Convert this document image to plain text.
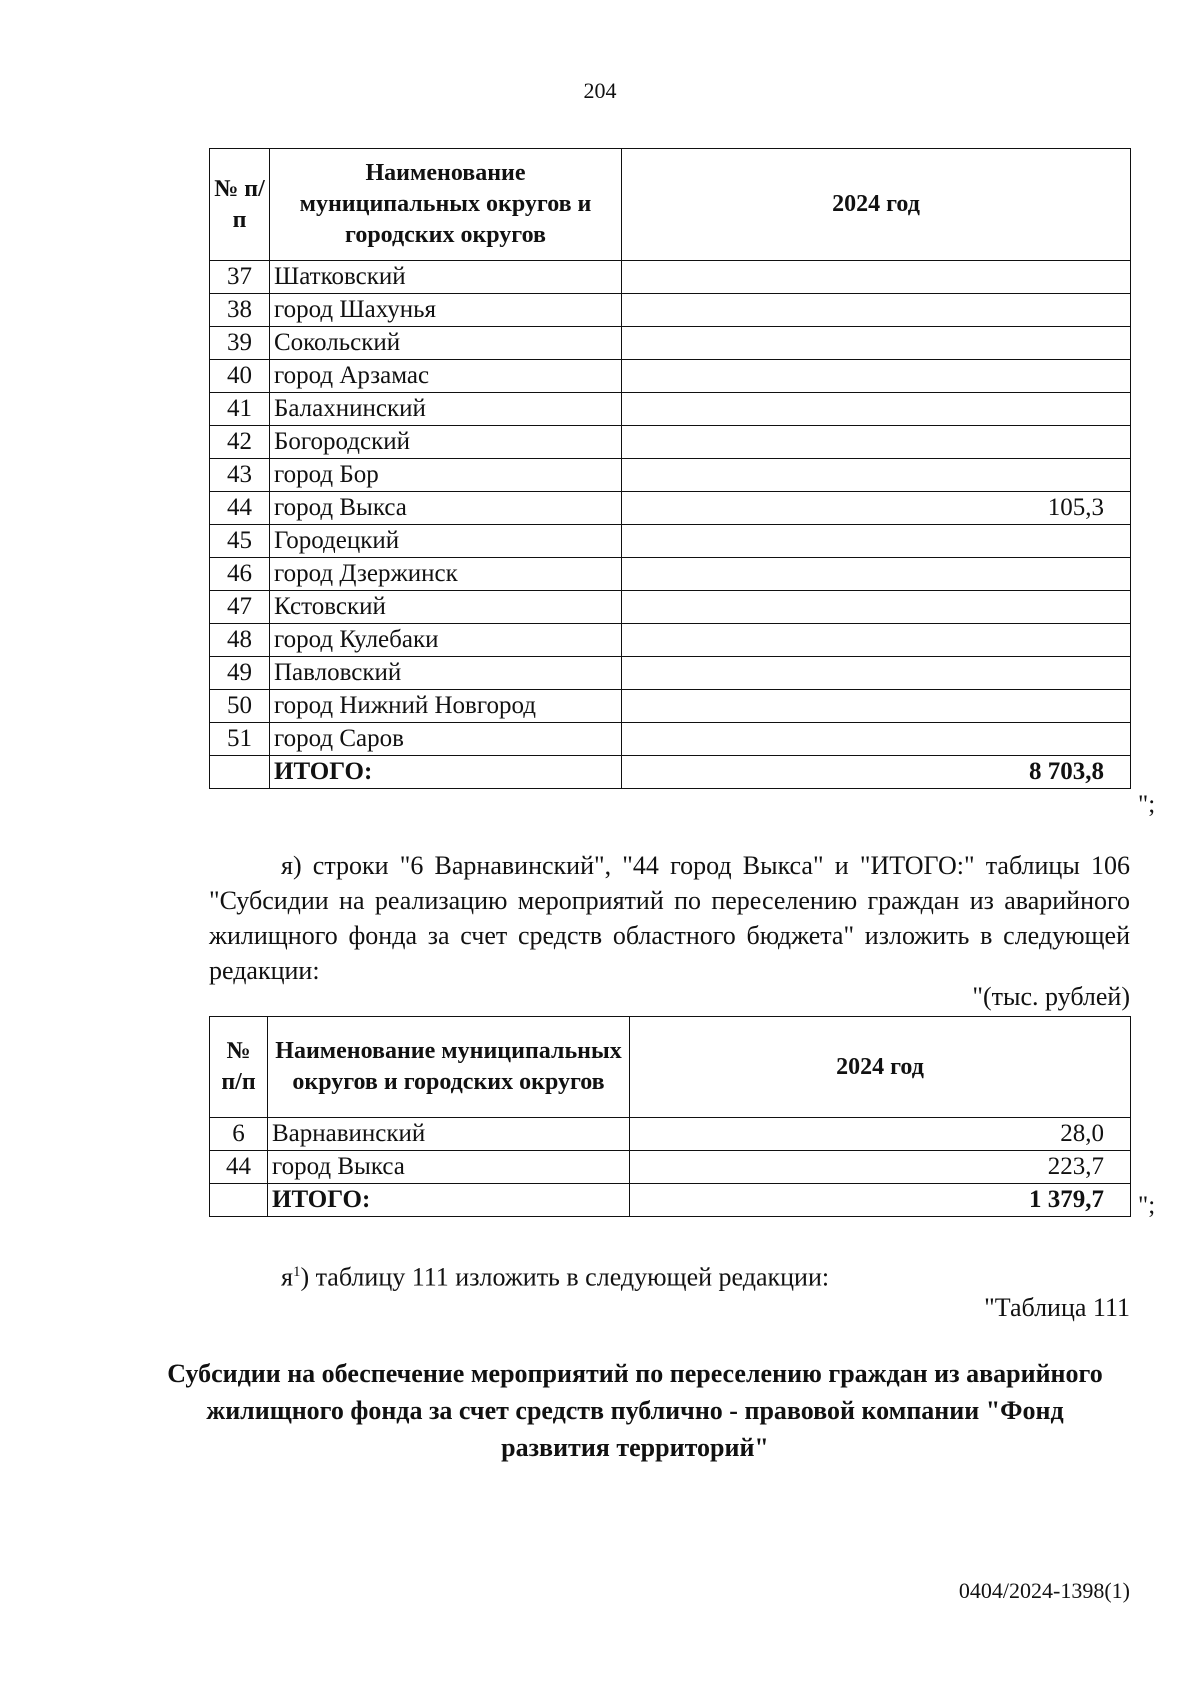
204
№ п/п	Наименование муниципальных округов и городских округов	2024 год
37	Шатковский	
38	город Шахунья	
39	Сокольский	
40	город Арзамас	
41	Балахнинский	
42	Богородский	
43	город Бор	
44	город Выкса	105,3
45	Городецкий	
46	город Дзержинск	
47	Кстовский	
48	город Кулебаки	
49	Павловский	
50	город Нижний Новгород	
51	город Саров	
	ИТОГО:	8 703,8
";
я) строки "6 Варнавинский", "44 город Выкса" и "ИТОГО:" таблицы 106 "Субсидии на реализацию мероприятий по переселению граждан из аварийного жилищного фонда за счет средств областного бюджета" изложить в следующей редакции:
"(тыс. рублей)
№ п/п	Наименование муниципальных округов и городских округов	2024 год
6	Варнавинский	28,0
44	город Выкса	223,7
	ИТОГО:	1 379,7 ";
$я^1$) таблицу 111 изложить в следующей редакции:
"Таблица 111
Субсидии на обеспечение мероприятий по переселению граждан из аварийного жилищного фонда за счет средств публично - правовой компании "Фонд развития территорий"
0404/2024-1398(1)
